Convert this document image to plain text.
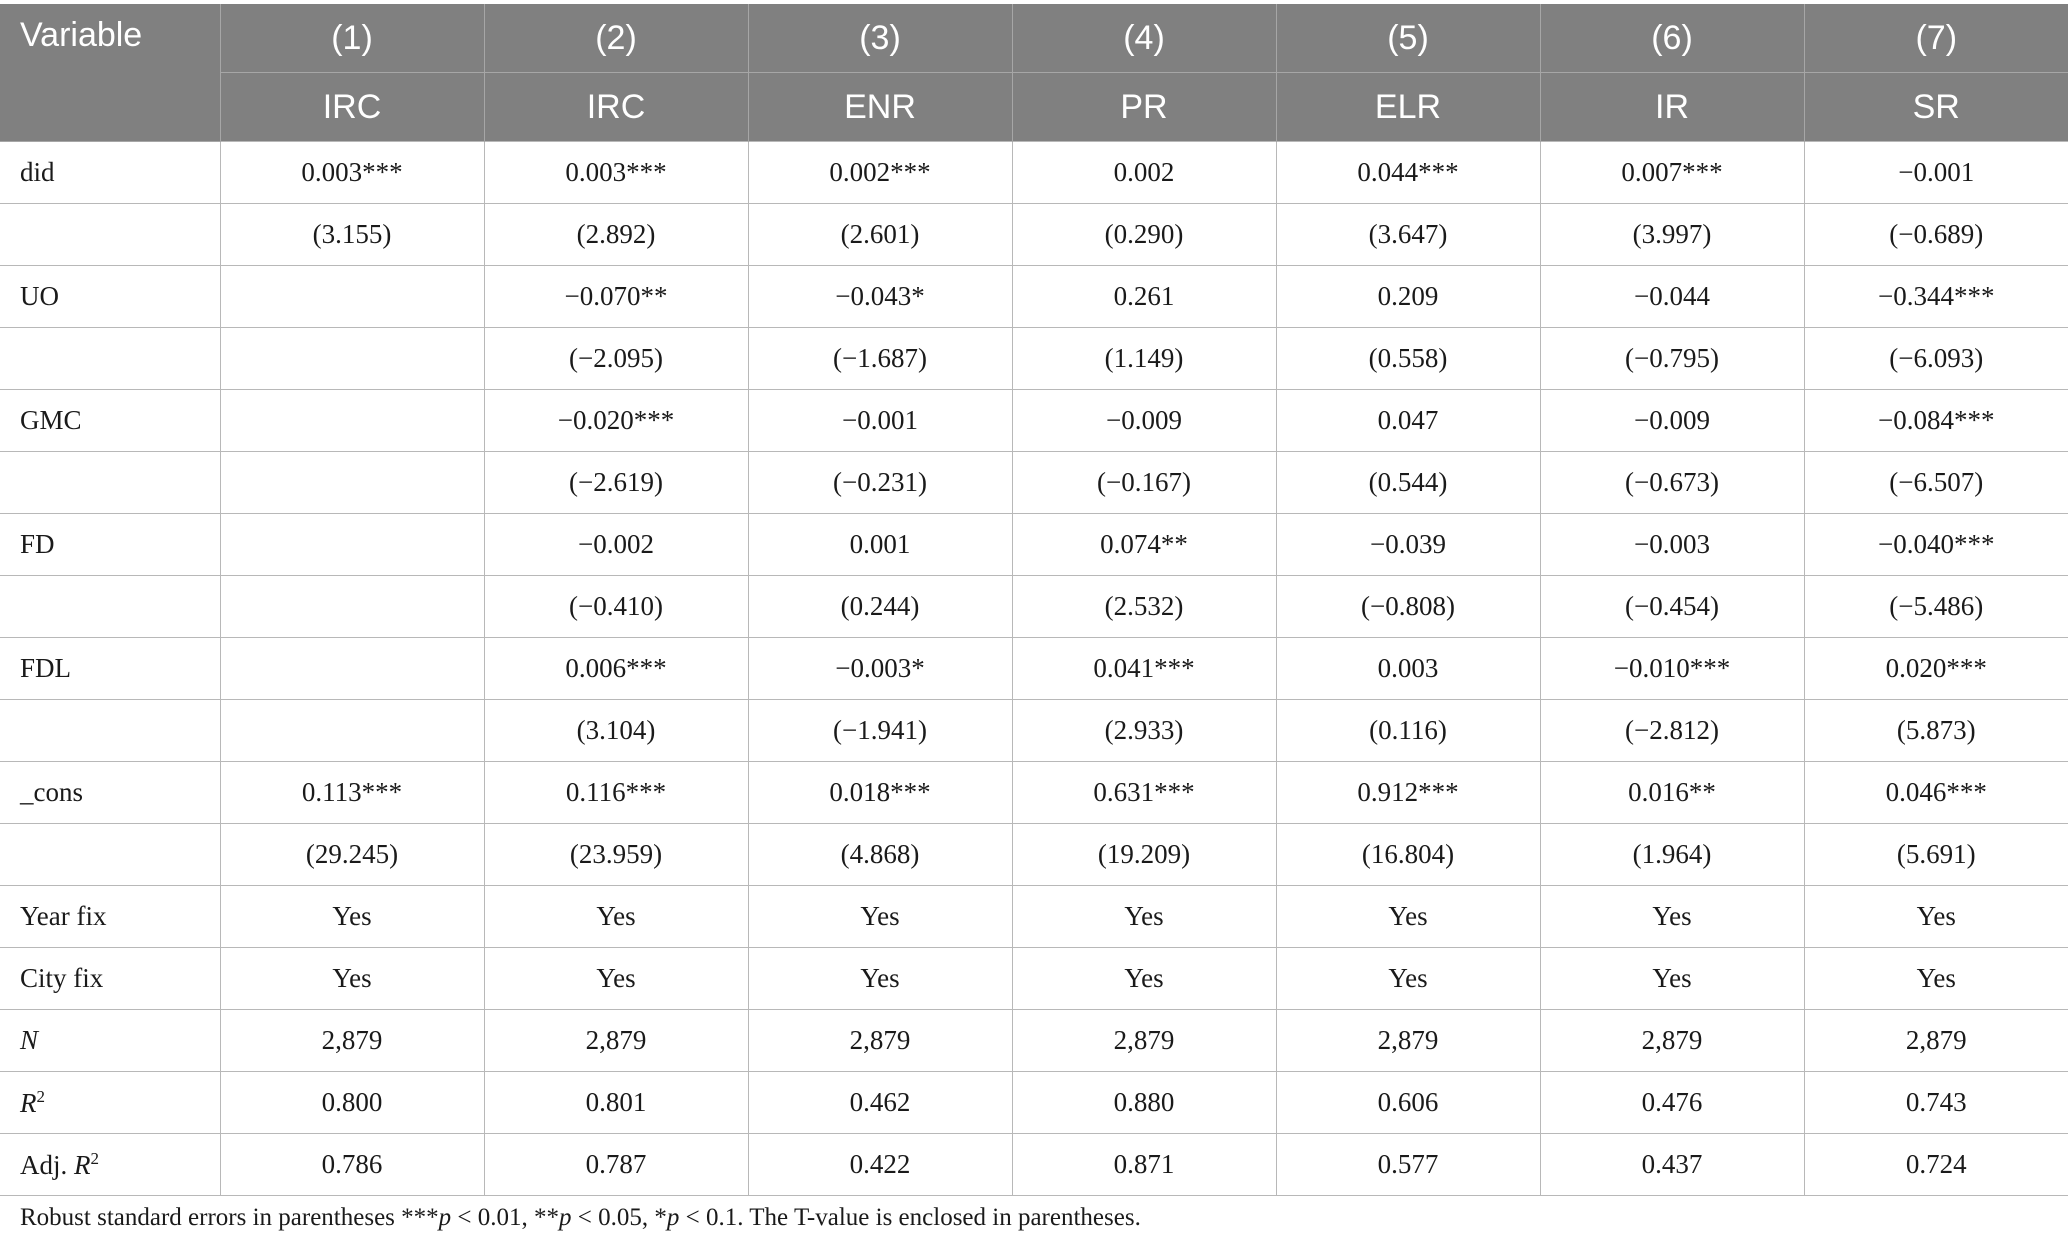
Variable	(1)	(2)	(3)	(4)	(5)	(6)	(7)
	IRC	IRC	ENR	PR	ELR	IR	SR
did	0.003***	0.003***	0.002***	0.002	0.044***	0.007***	−0.001
	(3.155)	(2.892)	(2.601)	(0.290)	(3.647)	(3.997)	(−0.689)
UO		−0.070**	−0.043*	0.261	0.209	−0.044	−0.344***
		(−2.095)	(−1.687)	(1.149)	(0.558)	(−0.795)	(−6.093)
GMC		−0.020***	−0.001	−0.009	0.047	−0.009	−0.084***
		(−2.619)	(−0.231)	(−0.167)	(0.544)	(−0.673)	(−6.507)
FD		−0.002	0.001	0.074**	−0.039	−0.003	−0.040***
		(−0.410)	(0.244)	(2.532)	(−0.808)	(−0.454)	(−5.486)
FDL		0.006***	−0.003*	0.041***	0.003	−0.010***	0.020***
		(3.104)	(−1.941)	(2.933)	(0.116)	(−2.812)	(5.873)
_cons	0.113***	0.116***	0.018***	0.631***	0.912***	0.016**	0.046***
	(29.245)	(23.959)	(4.868)	(19.209)	(16.804)	(1.964)	(5.691)
Year fix	Yes	Yes	Yes	Yes	Yes	Yes	Yes
City fix	Yes	Yes	Yes	Yes	Yes	Yes	Yes
N	2,879	2,879	2,879	2,879	2,879	2,879	2,879
$R^2$	0.800	0.801	0.462	0.880	0.606	0.476	0.743
Adj. $R^2$	0.786	0.787	0.422	0.871	0.577	0.437	0.724
Robust standard errors in parentheses ***p < 0.01, **p < 0.05, *p < 0.1. The T-value is enclosed in parentheses.
